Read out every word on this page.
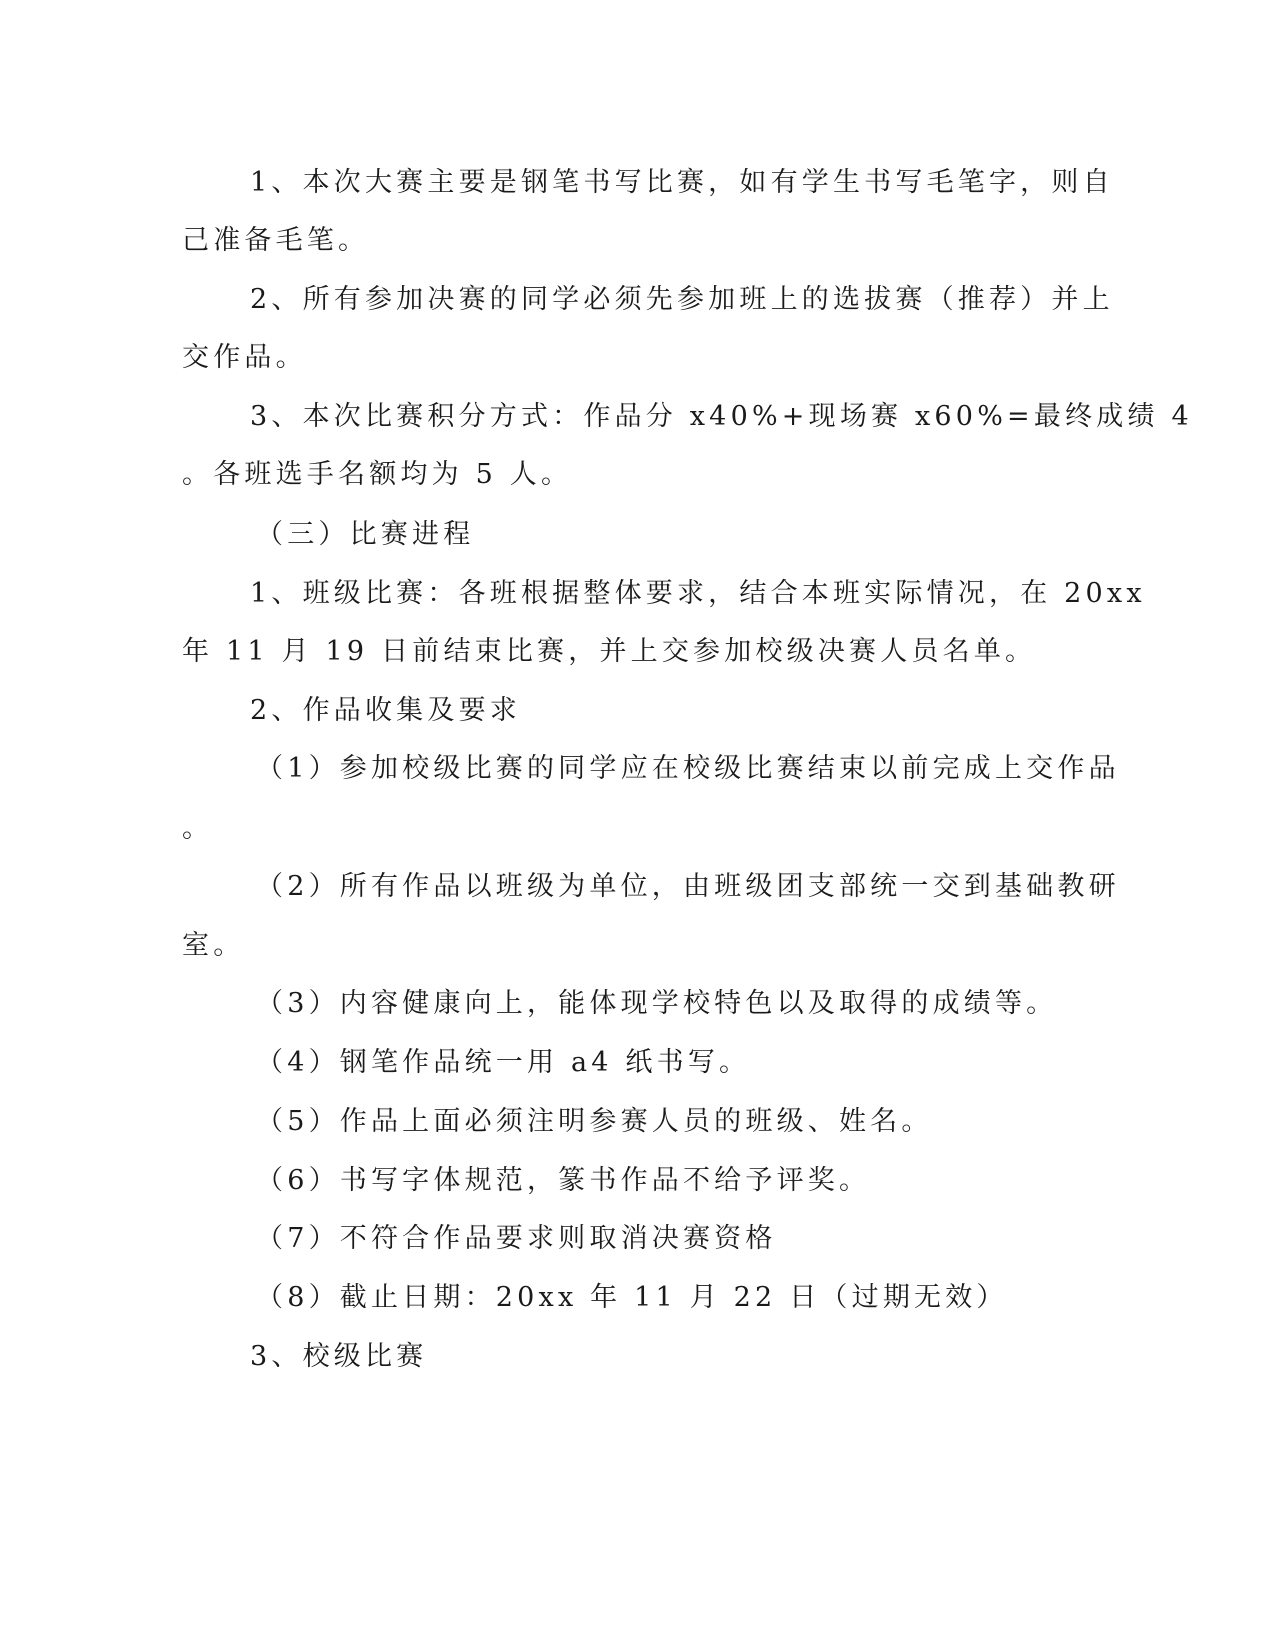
1、本次大赛主要是钢笔书写比赛，如有学生书写毛笔字，则自
己准备毛笔。
2、所有参加决赛的同学必须先参加班上的选拔赛（推荐）并上
交作品。
3、本次比赛积分方式：作品分 x40%+现场赛 x60%=最终成绩 4
。各班选手名额均为 5 人。
（三）比赛进程
1、班级比赛：各班根据整体要求，结合本班实际情况，在 20xx
年 11 月 19 日前结束比赛，并上交参加校级决赛人员名单。
2、作品收集及要求
（1）参加校级比赛的同学应在校级比赛结束以前完成上交作品
。
（2）所有作品以班级为单位，由班级团支部统一交到基础教研
室。
（3）内容健康向上，能体现学校特色以及取得的成绩等。
（4）钢笔作品统一用 a4 纸书写。
（5）作品上面必须注明参赛人员的班级、姓名。
（6）书写字体规范，篆书作品不给予评奖。
（7）不符合作品要求则取消决赛资格
（8）截止日期：20xx 年 11 月 22 日（过期无效）
3、校级比赛
